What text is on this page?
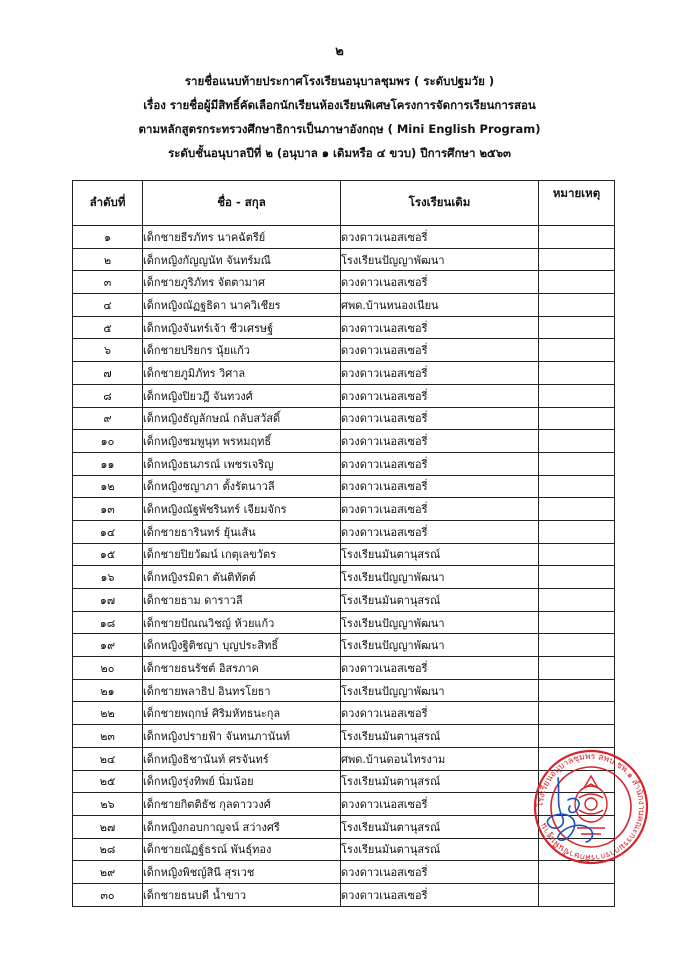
๒
รายชื่อแนบท้ายประกาศโรงเรียนอนุบาลชุมพร ( ระดับปฐมวัย )
เรื่อง รายชื่อผู้มีสิทธิ์คัดเลือกนักเรียนห้องเรียนพิเศษโครงการจัดการเรียนการสอน
ตามหลักสูตรกระทรวงศึกษาธิการเป็นภาษาอังกฤษ ( Mini English Program)
ระดับชั้นอนุบาลปีที่ ๒ (อนุบาล ๑ เดิมหรือ ๔ ขวบ) ปีการศึกษา ๒๕๖๓
ลำดับที่	ชื่อ - สกุล	โรงเรียนเดิม	หมายเหตุ
๑	เด็กชายธีรภัทร นาคฉัตรีย์	ดวงดาวเนอสเซอรี่	
๒	เด็กหญิงกัญญนัท จันทร์มณี	โรงเรียนปัญญาพัฒนา	
๓	เด็กชายภูริภัทร จัตตามาศ	ดวงดาวเนอสเซอรี่	
๔	เด็กหญิงณัฏฐธิดา นาควิเชียร	ศพด.บ้านหนองเนียน	
๕	เด็กหญิงจันทร์เจ้า ชีวเศรษฐ์	ดวงดาวเนอสเซอรี่	
๖	เด็กชายปริยกร นุ้ยแก้ว	ดวงดาวเนอสเซอรี่	
๗	เด็กชายภูมิภัทร วิศาล	ดวงดาวเนอสเซอรี่	
๘	เด็กหญิงปิยวฎี จันทวงศ์	ดวงดาวเนอสเซอรี่	
๙	เด็กหญิงธัญลักษณ์ กลับสวัสดิ์	ดวงดาวเนอสเซอรี่	
๑๐	เด็กหญิงชมพูนุท พรหมฤทธิ์	ดวงดาวเนอสเซอรี่	
๑๑	เด็กหญิงธนภรณ์ เพชรเจริญ	ดวงดาวเนอสเซอรี่	
๑๒	เด็กหญิงชญาภา ตั้งรัตนาวลี	ดวงดาวเนอสเซอรี่	
๑๓	เด็กหญิงณัฐพัชรินทร์ เจียมจักร	ดวงดาวเนอสเซอรี่	
๑๔	เด็กชายธารินทร์ ยุ้นเส้น	ดวงดาวเนอสเซอรี่	
๑๕	เด็กชายปิยวัฒน์ เกตุเลขวัตร	โรงเรียนมันตานุสรณ์	
๑๖	เด็กหญิงรมิดา ตันติทัตต์	โรงเรียนปัญญาพัฒนา	
๑๗	เด็กชายธาม ดาราวลี	โรงเรียนมันตานุสรณ์	
๑๘	เด็กชายปัณณวิชญ์ ห้วยแก้ว	โรงเรียนปัญญาพัฒนา	
๑๙	เด็กหญิงฐิติชญา บุญประสิทธิ์	โรงเรียนปัญญาพัฒนา	
๒๐	เด็กชายธนรัชต์ อิสรภาค	ดวงดาวเนอสเซอรี่	
๒๑	เด็กชายพลาธิป อินทรโยธา	โรงเรียนปัญญาพัฒนา	
๒๒	เด็กชายพฤกษ์ ศิริมหัทธนะกุล	ดวงดาวเนอสเซอรี่	
๒๓	เด็กหญิงปรายฟ้า จันทนภานันท์	โรงเรียนมันตานุสรณ์	
๒๔	เด็กหญิงธิชานันท์ ศรจันทร์	ศพด.บ้านดอนไทรงาม	
๒๕	เด็กหญิงรุ่งทิพย์ นิ่มน้อย	โรงเรียนมันตานุสรณ์	
๒๖	เด็กชายกิตติธัช กุลดาววงศ์	ดวงดาวเนอสเซอรี่	
๒๗	เด็กหญิงกอบกาญจน์ สว่างศรี	โรงเรียนมันตานุสรณ์	
๒๘	เด็กชายณัฏฐ์ธรณ์ พันธุ์ทอง	โรงเรียนมันตานุสรณ์	
๒๙	เด็กหญิงพิชญ์สินี สุรเวช	ดวงดาวเนอสเซอรี่	
๓๐	เด็กชายธนบดี น้ำขาว	ดวงดาวเนอสเซอรี่	
โรงเรียนอนุบาลชุมพร สพป.ชพ.๑ สำนักงานคณะกรรมการการศึกษาขั้นพื้นฐาน
